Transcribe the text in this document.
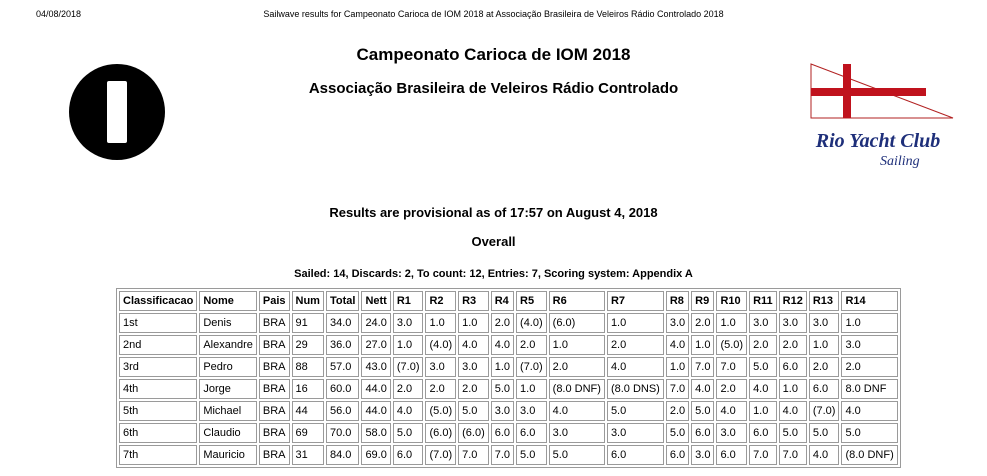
04/08/2018	Sailwave results for Campeonato Carioca de IOM 2018 at Associação Brasileira de Veleiros Rádio Controlado 2018
Campeonato Carioca de IOM 2018
Associação Brasileira de Veleiros Rádio Controlado
Rio Yacht Club
Sailing
Results are provisional as of 17:57 on August 4, 2018
Overall
Sailed: 14, Discards: 2, To count: 12, Entries: 7, Scoring system: Appendix A
Classificacao	Nome	Pais	Num	Total	Nett	R1	R2	R3	R4	R5	R6	R7	R8	R9	R10	R11	R12	R13	R14
1st	Denis	BRA	91	34.0	24.0	3.0	1.0	1.0	2.0	(4.0)	(6.0)	1.0	3.0	2.0	1.0	3.0	3.0	3.0	1.0
2nd	Alexandre	BRA	29	36.0	27.0	1.0	(4.0)	4.0	4.0	2.0	1.0	2.0	4.0	1.0	(5.0)	2.0	2.0	1.0	3.0
3rd	Pedro	BRA	88	57.0	43.0	(7.0)	3.0	3.0	1.0	(7.0)	2.0	4.0	1.0	7.0	7.0	5.0	6.0	2.0	2.0
4th	Jorge	BRA	16	60.0	44.0	2.0	2.0	2.0	5.0	1.0	(8.0 DNF)	(8.0 DNS)	7.0	4.0	2.0	4.0	1.0	6.0	8.0 DNF
5th	Michael	BRA	44	56.0	44.0	4.0	(5.0)	5.0	3.0	3.0	4.0	5.0	2.0	5.0	4.0	1.0	4.0	(7.0)	4.0
6th	Claudio	BRA	69	70.0	58.0	5.0	(6.0)	(6.0)	6.0	6.0	3.0	3.0	5.0	6.0	3.0	6.0	5.0	5.0	5.0
7th	Mauricio	BRA	31	84.0	69.0	6.0	(7.0)	7.0	7.0	5.0	5.0	6.0	6.0	3.0	6.0	7.0	7.0	4.0	(8.0 DNF)
